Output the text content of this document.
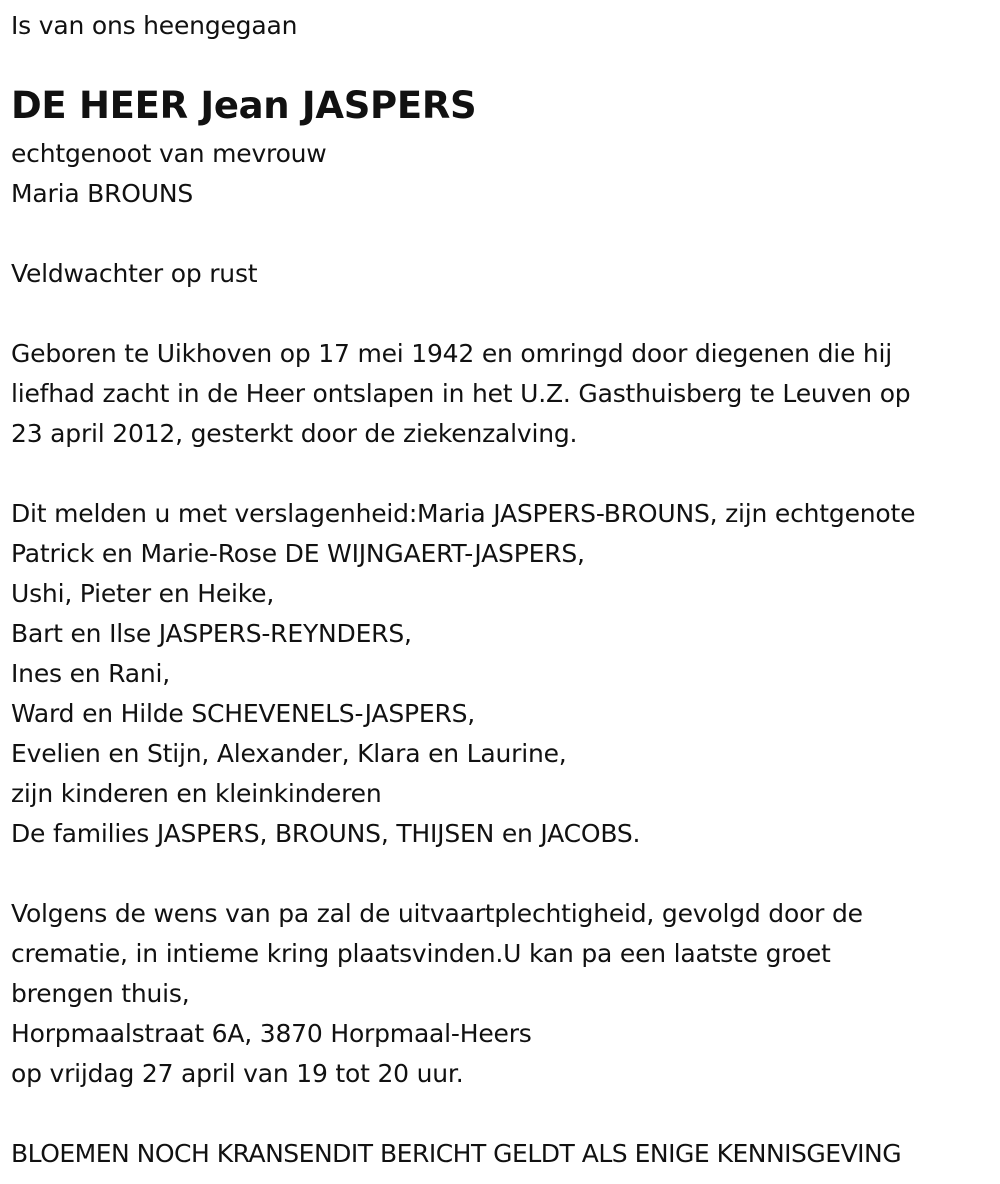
Is van ons heengegaan
DE HEER Jean JASPERS
echtgenoot van mevrouw
Maria BROUNS
Veldwachter op rust
Geboren te Uikhoven op 17 mei 1942 en omringd door diegenen die hij
liefhad zacht in de Heer ontslapen in het U.Z. Gasthuisberg te Leuven op
23 april 2012, gesterkt door de ziekenzalving.
Dit melden u met verslagenheid:Maria JASPERS-BROUNS, zijn echtgenote
Patrick en Marie-Rose DE WIJNGAERT-JASPERS,
Ushi, Pieter en Heike,
Bart en Ilse JASPERS-REYNDERS,
Ines en Rani,
Ward en Hilde SCHEVENELS-JASPERS,
Evelien en Stijn, Alexander, Klara en Laurine,
zijn kinderen en kleinkinderen
De families JASPERS, BROUNS, THIJSEN en JACOBS.
Volgens de wens van pa zal de uitvaartplechtigheid, gevolgd door de
crematie, in intieme kring plaatsvinden.U kan pa een laatste groet
brengen thuis,
Horpmaalstraat 6A, 3870 Horpmaal-Heers
op vrijdag 27 april van 19 tot 20 uur.
BLOEMEN NOCH KRANSENDIT BERICHT GELDT ALS ENIGE KENNISGEVING
